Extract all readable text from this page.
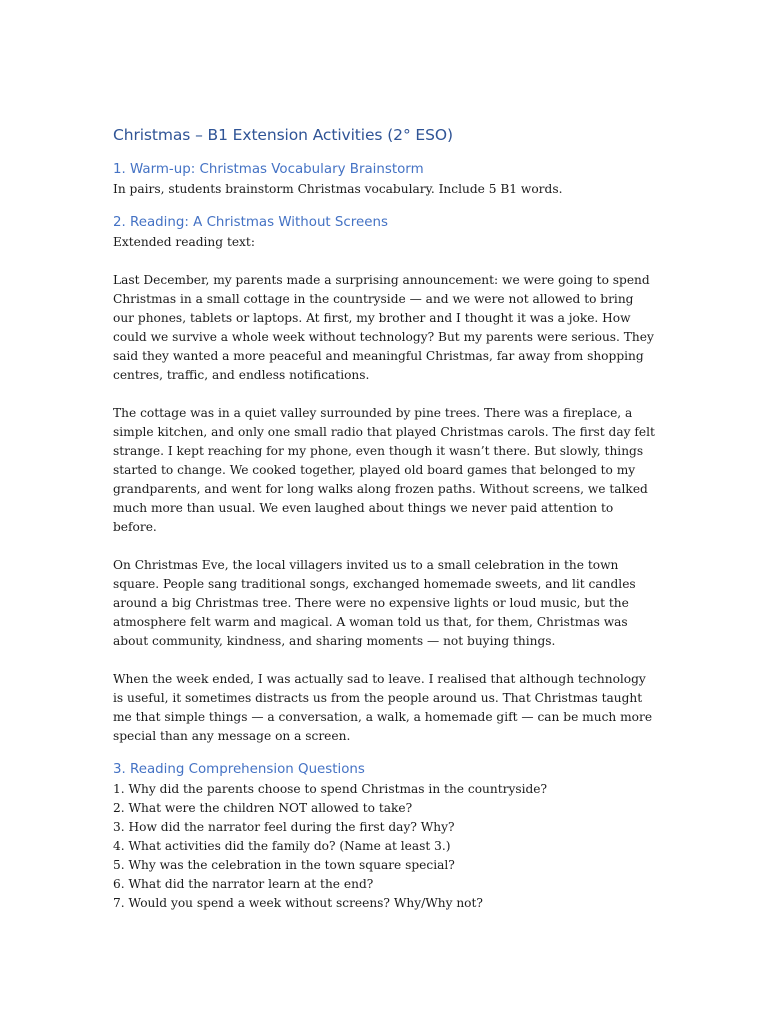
Christmas – B1 Extension Activities (2° ESO)
1. Warm-up: Christmas Vocabulary Brainstorm

In pairs, students brainstorm Christmas vocabulary. Include 5 B1 words.

2. Reading: A Christmas Without Screens

Extended reading text:

Last December, my parents made a surprising announcement: we were going to spend Christmas in a small cottage in the countryside — and we were not allowed to bring our phones, tablets or laptops. At first, my brother and I thought it was a joke. How could we survive a whole week without technology? But my parents were serious. They said they wanted a more peaceful and meaningful Christmas, far away from shopping centres, traffic, and endless notifications.

The cottage was in a quiet valley surrounded by pine trees. There was a fireplace, a simple kitchen, and only one small radio that played Christmas carols. The first day felt strange. I kept reaching for my phone, even though it wasn’t there. But slowly, things started to change. We cooked together, played old board games that belonged to my grandparents, and went for long walks along frozen paths. Without screens, we talked much more than usual. We even laughed about things we never paid attention to before.

On Christmas Eve, the local villagers invited us to a small celebration in the town square. People sang traditional songs, exchanged homemade sweets, and lit candles around a big Christmas tree. There were no expensive lights or loud music, but the atmosphere felt warm and magical. A woman told us that, for them, Christmas was about community, kindness, and sharing moments — not buying things.

When the week ended, I was actually sad to leave. I realised that although technology is useful, it sometimes distracts us from the people around us. That Christmas taught me that simple things — a conversation, a walk, a homemade gift — can be much more special than any message on a screen.

3. Reading Comprehension Questions
1. Why did the parents choose to spend Christmas in the countryside?
2. What were the children NOT allowed to take?
3. How did the narrator feel during the first day? Why?
4. What activities did the family do? (Name at least 3.)
5. Why was the celebration in the town square special?
6. What did the narrator learn at the end?
7. Would you spend a week without screens? Why/Why not?
